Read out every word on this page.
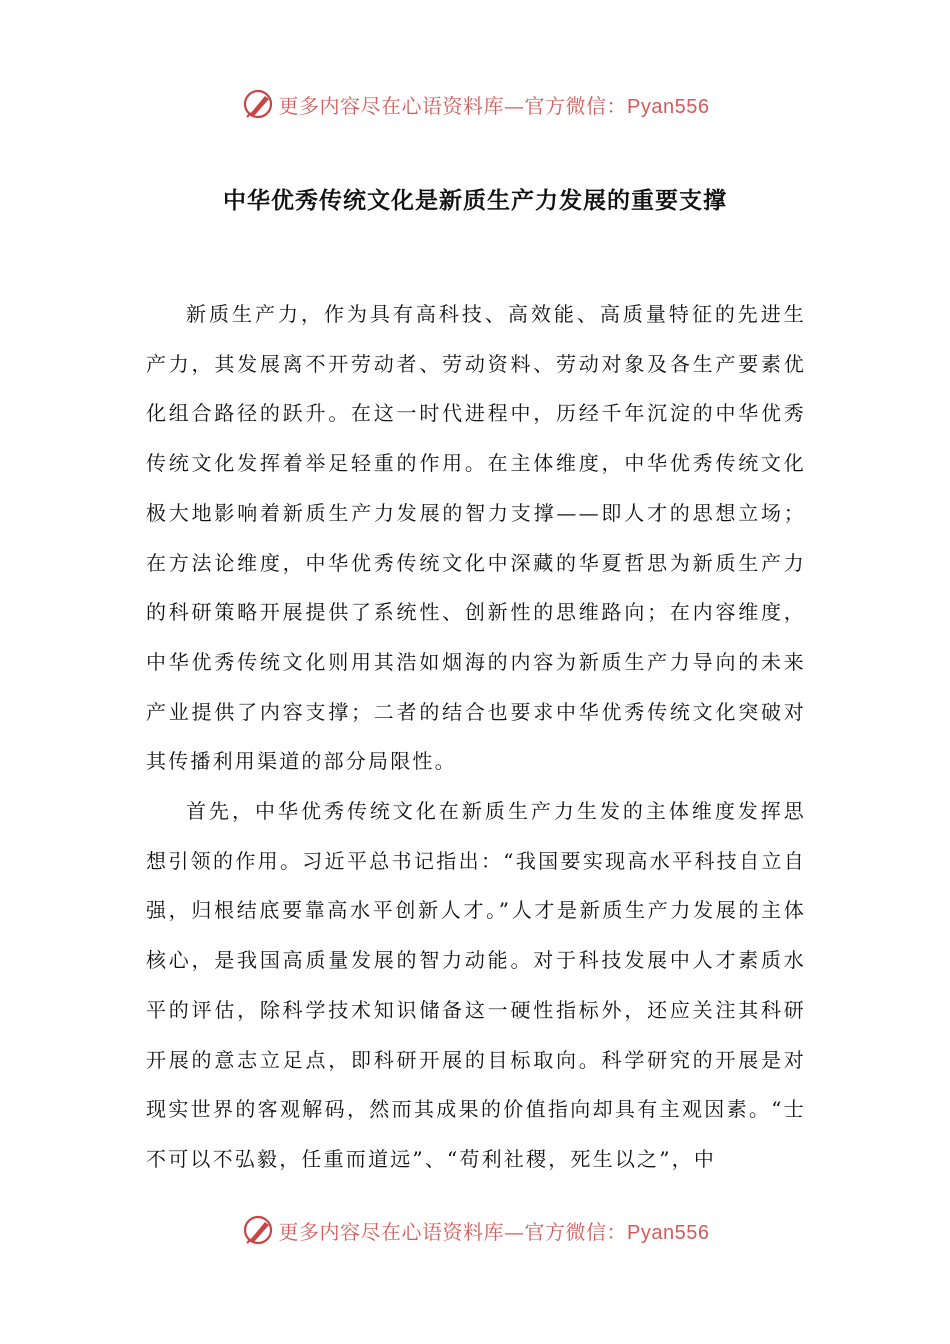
更多内容尽在心语资料库—官方微信：Pyan556
中华优秀传统文化是新质生产力发展的重要支撑

新质生产力，作为具有高科技、高效能、高质量特征的先进生产力，其发展离不开劳动者、劳动资料、劳动对象及各生产要素优化组合路径的跃升。在这一时代进程中，历经千年沉淀的中华优秀传统文化发挥着举足轻重的作用。在主体维度，中华优秀传统文化极大地影响着新质生产力发展的智力支撑——即人才的思想立场；在方法论维度，中华优秀传统文化中深藏的华夏哲思为新质生产力的科研策略开展提供了系统性、创新性的思维路向；在内容维度，中华优秀传统文化则用其浩如烟海的内容为新质生产力导向的未来产业提供了内容支撑；二者的结合也要求中华优秀传统文化突破对其传播利用渠道的部分局限性。

首先，中华优秀传统文化在新质生产力生发的主体维度发挥思想引领的作用。习近平总书记指出：“我国要实现高水平科技自立自强，归根结底要靠高水平创新人才。”人才是新质生产力发展的主体核心，是我国高质量发展的智力动能。对于科技发展中人才素质水平的评估，除科学技术知识储备这一硬性指标外，还应关注其科研开展的意志立足点，即科研开展的目标取向。科学研究的开展是对现实世界的客观解码，然而其成果的价值指向却具有主观因素。“士不可以不弘毅，任重而道远”、“苟利社稷，死生以之”，中

更多内容尽在心语资料库—官方微信：Pyan556
